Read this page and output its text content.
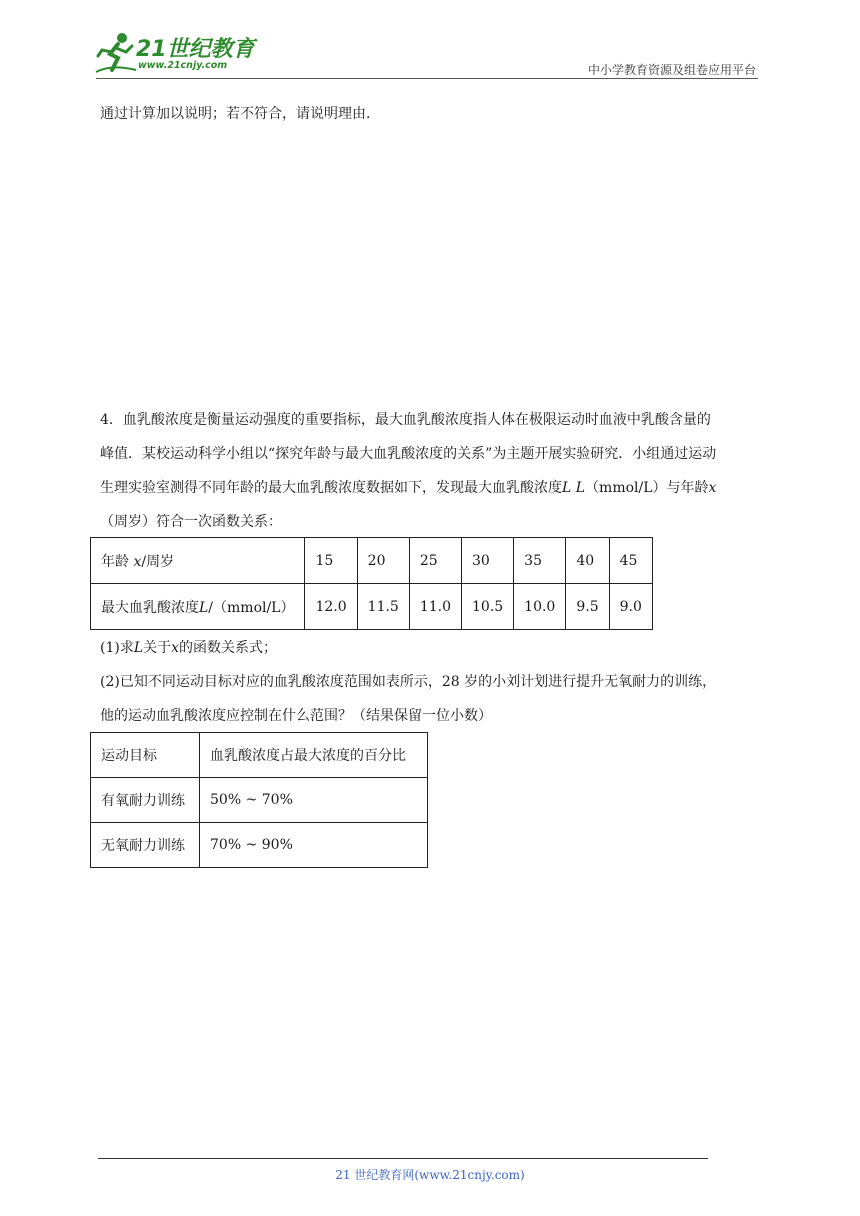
21世纪教育
www.21cnjy.com	中小学教育资源及组卷应用平台
通过计算加以说明；若不符合，请说明理由.
4．血乳酸浓度是衡量运动强度的重要指标，最大血乳酸浓度指人体在极限运动时血液中乳酸含量的
峰值．某校运动科学小组以“探究年龄与最大血乳酸浓度的关系”为主题开展实验研究．小组通过运动
生理实验室测得不同年龄的最大血乳酸浓度数据如下，发现最大血乳酸浓度L L（mmol/L）与年龄x
（周岁）符合一次函数关系：
年龄 x/周岁	15	20	25	30	35	40	45
最大血乳酸浓度L/（mmol/L）	12.0	11.5	11.0	10.5	10.0	9.5	9.0
(1)求L关于x的函数关系式；
(2)已知不同运动目标对应的血乳酸浓度范围如表所示，28 岁的小刘计划进行提升无氧耐力的训练，
他的运动血乳酸浓度应控制在什么范围？（结果保留一位小数）
运动目标	血乳酸浓度占最大浓度的百分比
有氧耐力训练	50% ~ 70%
无氧耐力训练	70% ~ 90%
21 世纪教育网(www.21cnjy.com)
